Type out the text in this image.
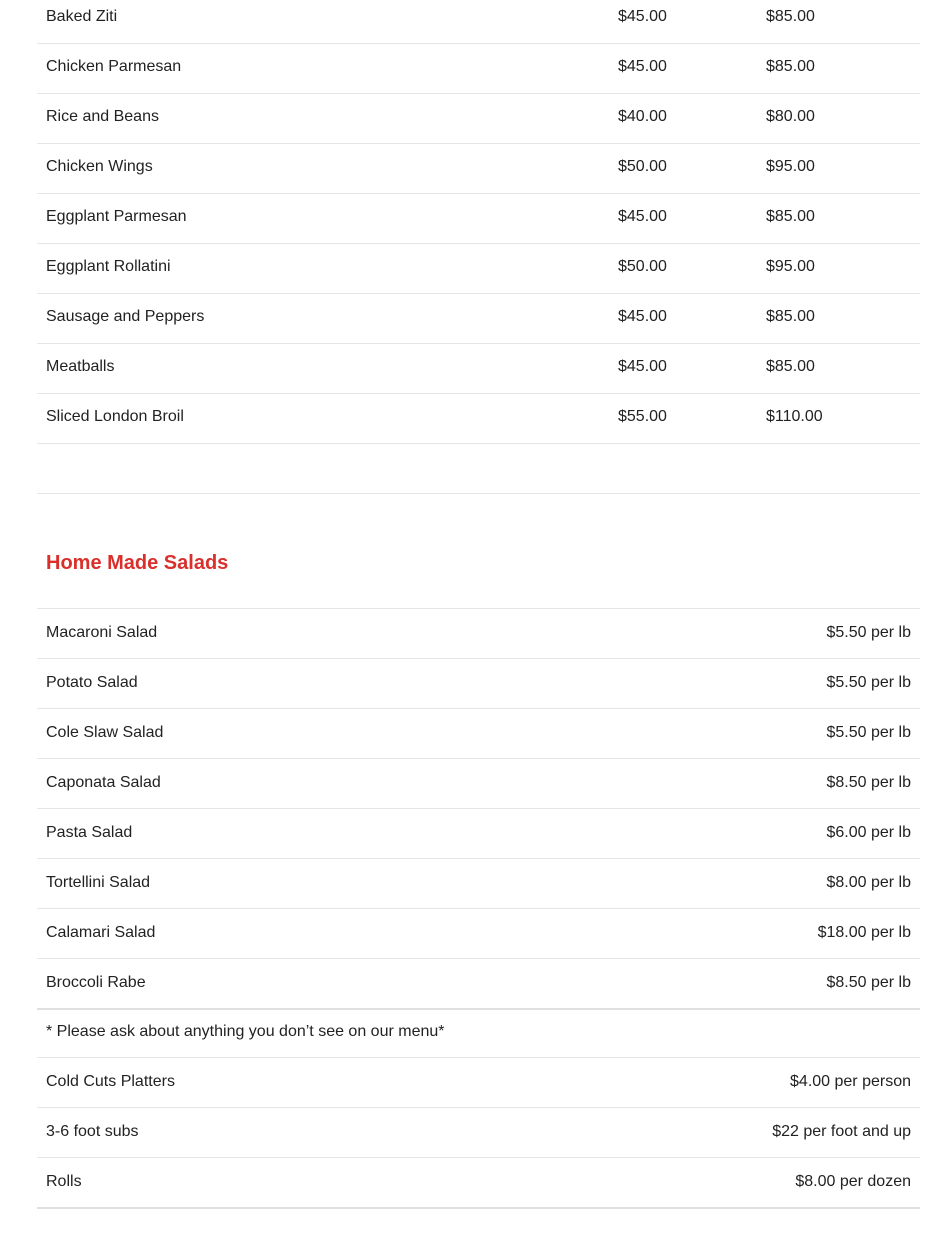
Baked Ziti	$45.00	$85.00
Chicken Parmesan	$45.00	$85.00
Rice and Beans	$40.00	$80.00
Chicken Wings	$50.00	$95.00
Eggplant Parmesan	$45.00	$85.00
Eggplant Rollatini	$50.00	$95.00
Sausage and Peppers	$45.00	$85.00
Meatballs	$45.00	$85.00
Sliced London Broil	$55.00	$110.00
Home Made Salads
Macaroni Salad	$5.50 per lb
Potato Salad	$5.50 per lb
Cole Slaw Salad	$5.50 per lb
Caponata Salad	$8.50 per lb
Pasta Salad	$6.00 per lb
Tortellini Salad	$8.00 per lb
Calamari Salad	$18.00 per lb
Broccoli Rabe	$8.50 per lb
* Please ask about anything you don’t see on our menu*
Cold Cuts Platters	$4.00 per person
3-6 foot subs	$22 per foot and up
Rolls	$8.00 per dozen
